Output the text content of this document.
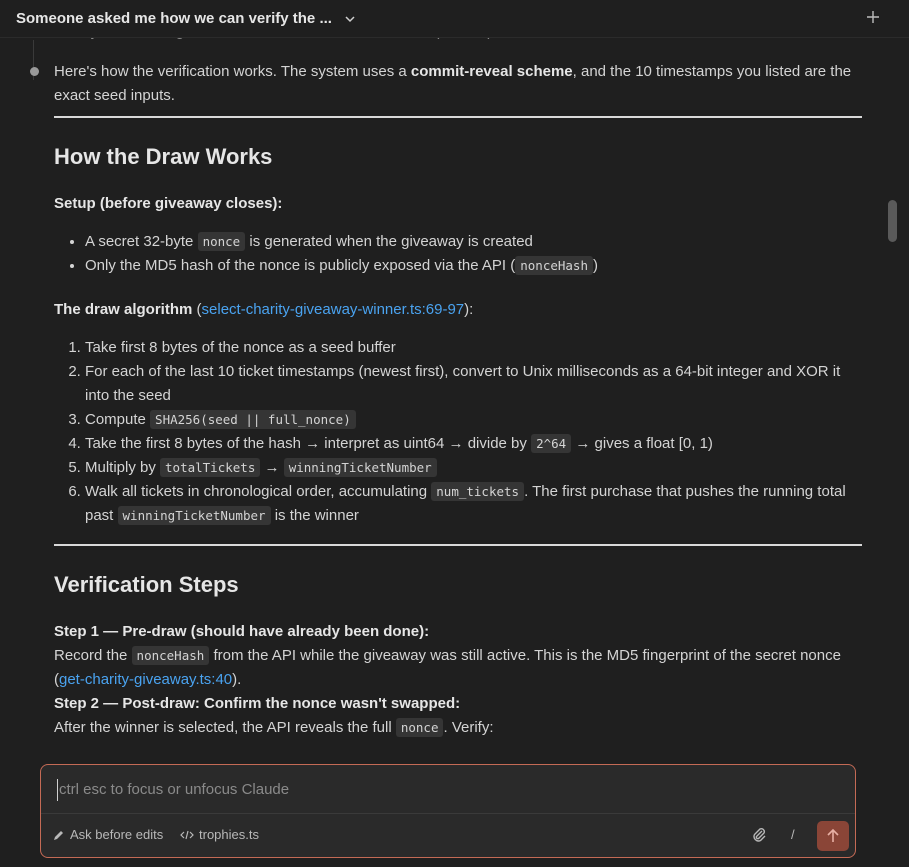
Someone asked me how we can verify the ...
Here's how the verification works. The system uses a commit-reveal scheme, and the 10 timestamps you listed are the exact seed inputs.
How the Draw Works

Setup (before giveaway closes):

• A secret 32-byte nonce is generated when the giveaway is created
• Only the MD5 hash of the nonce is publicly exposed via the API ( nonceHash )

The draw algorithm (select-charity-giveaway-winner.ts:69-97):

1. Take first 8 bytes of the nonce as a seed buffer
2. For each of the last 10 ticket timestamps (newest first), convert to Unix milliseconds as a 64-bit integer and XOR it into the seed
3. Compute SHA256(seed || full_nonce)
4. Take the first 8 bytes of the hash → interpret as uint64 → divide by 2^64 → gives a float [0, 1)
5. Multiply by totalTickets → winningTicketNumber
6. Walk all tickets in chronological order, accumulating num_tickets . The first purchase that pushes the running total past winningTicketNumber is the winner
Verification Steps

Step 1 — Pre-draw (should have already been done):

Record the nonceHash from the API while the giveaway was still active. This is the MD5 fingerprint of the secret nonce (get-charity-giveaway.ts:40).

Step 2 — Post-draw: Confirm the nonce wasn't swapped:

After the winner is selected, the API reveals the full nonce . Verify:

ctrl esc to focus or unfocus Claude
Ask before edits	trophies.ts	/
